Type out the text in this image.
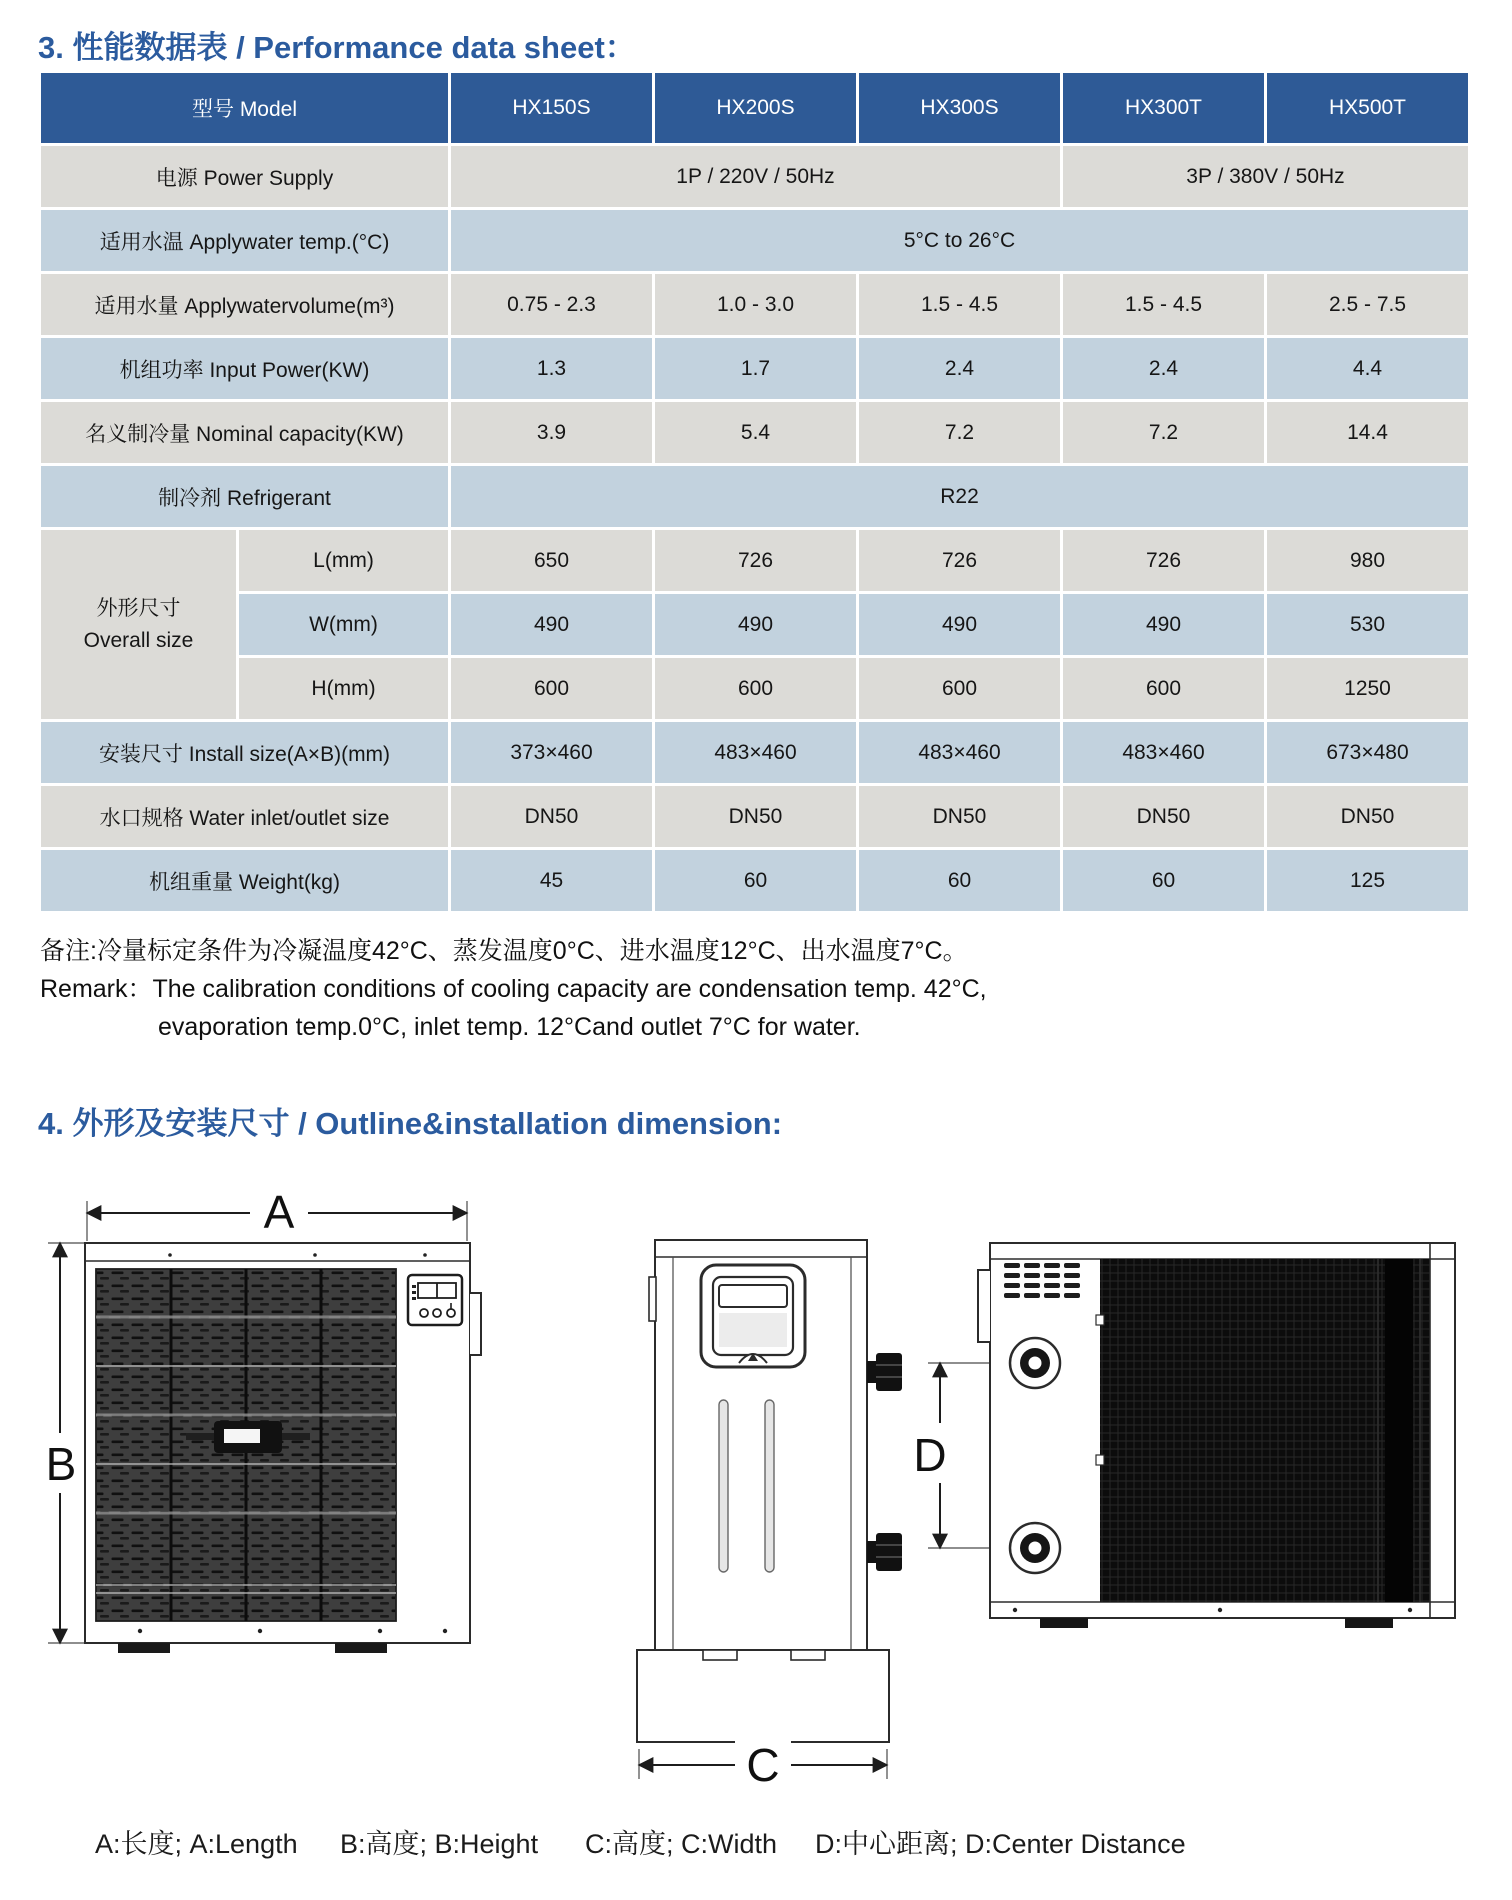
3. 性能数据表 / Performance data sheet：
型号 Model		HX150S	HX200S	HX300S	HX300T	HX500T
电源 Power Supply		1P / 220V / 50Hz			3P / 380V / 50Hz	
适用水温 Applywater temp.(°C)		5°C to 26°C				
适用水量 Applywatervolume(m³)		0.75 - 2.3	1.0 - 3.0	1.5 - 4.5	1.5 - 4.5	2.5 - 7.5
机组功率 Input Power(KW)		1.3	1.7	2.4	2.4	4.4
名义制冷量 Nominal capacity(KW)		3.9	5.4	7.2	7.2	14.4
制冷剂 Refrigerant		R22				

外形尺寸
Overall size	L(mm)	650	726	726	726	980
	W(mm)	490	490	490	490	530
	H(mm)	600	600	600	600	1250
安装尺寸 Install size(A×B)(mm)		373×460	483×460	483×460	483×460	673×480
水口规格 Water inlet/outlet size		DN50	DN50	DN50	DN50	DN50
机组重量 Weight(kg)		45	60	60	60	125
备注:冷量标定条件为冷凝温度42°C、蒸发温度0°C、进水温度12°C、出水温度7°C。
Remark：The calibration conditions of cooling capacity are condensation temp. 42°C,
evaporation temp.0°C, inlet temp. 12°Cand outlet 7°C for water.
4. 外形及安装尺寸 / Outline&installation dimension:
A
B
C
D
A:长度; A:Length B:高度; B:Height C:高度; C:Width D:中心距离; D:Center Distance
